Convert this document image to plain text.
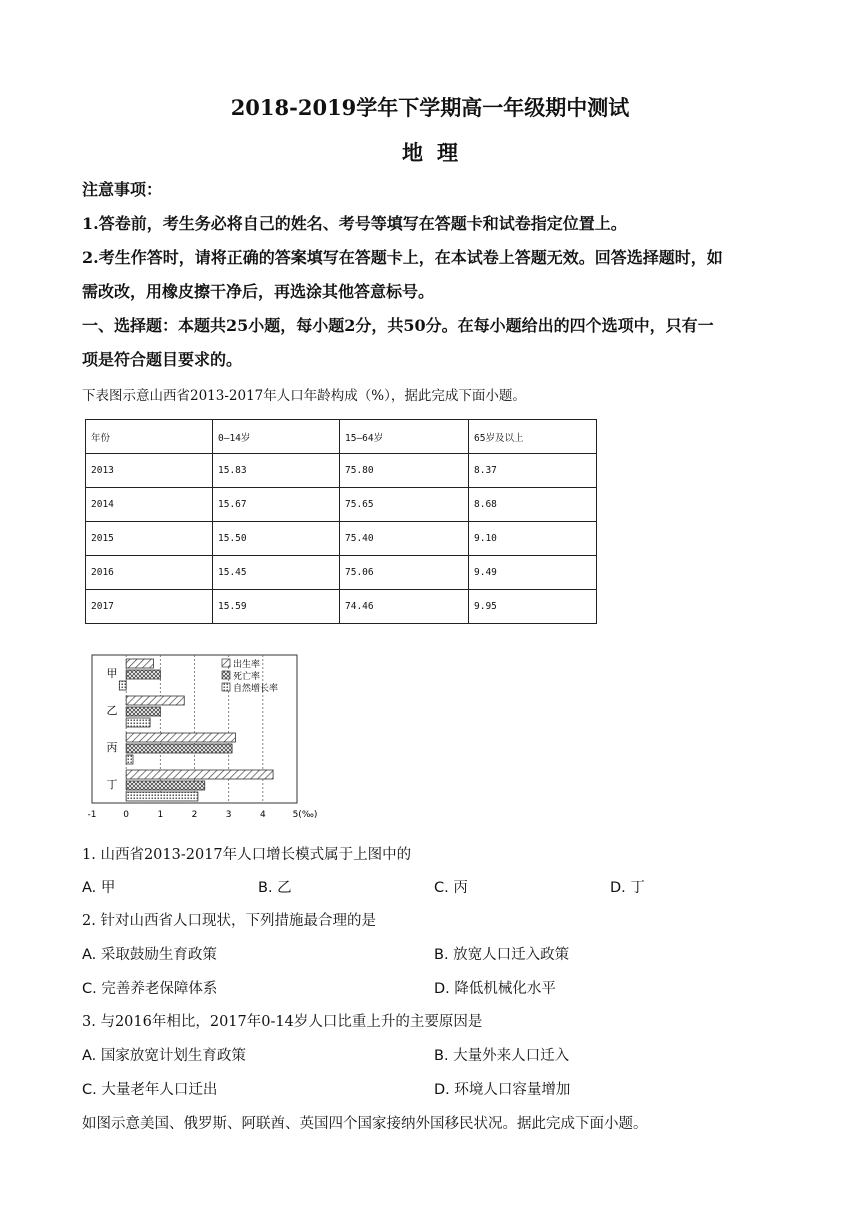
2018-2019学年下学期高一年级期中测试
地理
注意事项：
1.答卷前，考生务必将自己的姓名、考号等填写在答题卡和试卷指定位置上。
2.考生作答时，请将正确的答案填写在答题卡上，在本试卷上答题无效。回答选择题时，如
需改改，用橡皮擦干净后，再选涂其他答意标号。
一、选择题：本题共25小题，每小题2分，共50分。在每小题给出的四个选项中，只有一
项是符合题目要求的。
下表图示意山西省2013-2017年人口年龄构成（%），据此完成下面小题。
年份	0—14岁	15—64岁	65岁及以上
2013	15.83	75.80	8.37
2014	15.67	75.65	8.68
2015	15.50	75.40	9.10
2016	15.45	75.06	9.49
2017	15.59	74.46	9.95
-1	0	1	2	3	4	5(‰)
甲
乙
丙
丁
出生率
死亡率
自然增长率
1. 山西省2013-2017年人口增长模式属于上图中的
A. 甲	B. 乙	C. 丙	D. 丁
2. 针对山西省人口现状，下列措施最合理的是
A. 采取鼓励生育政策	B. 放宽人口迁入政策
C. 完善养老保障体系	D. 降低机械化水平
3. 与2016年相比，2017年0-14岁人口比重上升的主要原因是
A. 国家放宽计划生育政策	B. 大量外来人口迁入
C. 大量老年人口迁出	D. 环境人口容量增加
如图示意美国、俄罗斯、阿联酋、英国四个国家接纳外国移民状况。据此完成下面小题。
